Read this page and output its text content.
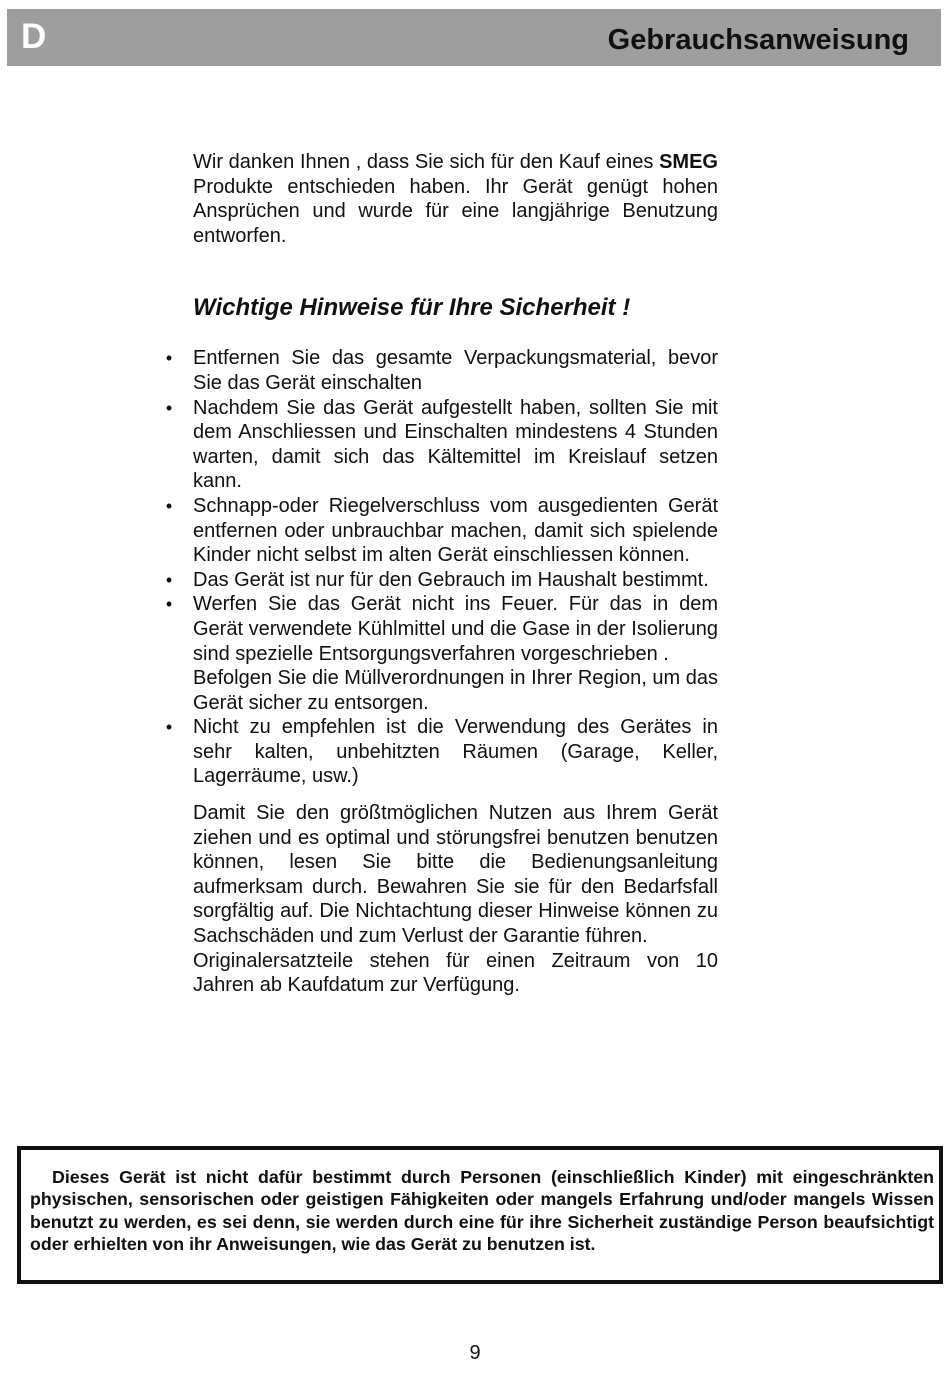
D	Gebrauchsanweisung

Wir danken Ihnen , dass Sie sich für den Kauf eines SMEG Produkte entschieden haben. Ihr Gerät genügt hohen Ansprüchen und wurde für eine langjährige Benutzung entworfen.

Wichtige Hinweise für Ihre Sicherheit !
• Entfernen Sie das gesamte Verpackungsmaterial, bevor Sie das Gerät einschalten

• Nachdem Sie das Gerät aufgestellt haben, sollten Sie mit dem Anschliessen und Einschalten mindestens 4 Stunden warten, damit sich das Kältemittel im Kreislauf setzen kann.

• Schnapp-oder Riegelverschluss vom ausgedienten Gerät entfernen oder unbrauchbar machen, damit sich spielende Kinder nicht selbst im alten Gerät einschliessen können.

• Das Gerät ist nur für den Gebrauch im Haushalt bestimmt.

• Werfen Sie das Gerät nicht ins Feuer. Für das in dem Gerät verwendete Kühlmittel und die Gase in der Isolierung sind spezielle Entsorgungsverfahren vorgeschrieben .

Befolgen Sie die Müllverordnungen in Ihrer Region, um das Gerät sicher zu entsorgen.

• Nicht zu empfehlen ist die Verwendung des Gerätes in sehr kalten, unbehitzten Räumen (Garage, Keller, Lagerräume, usw.)

Damit Sie den größtmöglichen Nutzen aus Ihrem Gerät ziehen und es optimal und störungsfrei benutzen benutzen können, lesen Sie bitte die Bedienungsanleitung aufmerksam durch. Bewahren Sie sie für den Bedarfsfall sorgfältig auf. Die Nichtachtung dieser Hinweise können zu Sachschäden und zum Verlust der Garantie führen.

Originalersatzteile stehen für einen Zeitraum von 10 Jahren ab Kaufdatum zur Verfügung.

Dieses Gerät ist nicht dafür bestimmt durch Personen (einschließlich Kinder) mit eingeschränkten physischen, sensorischen oder geistigen Fähigkeiten oder mangels Erfahrung und/oder mangels Wissen benutzt zu werden, es sei denn, sie werden durch eine für ihre Sicherheit zuständige Person beaufsichtigt oder erhielten von ihr Anweisungen, wie das Gerät zu benutzen ist.

9
